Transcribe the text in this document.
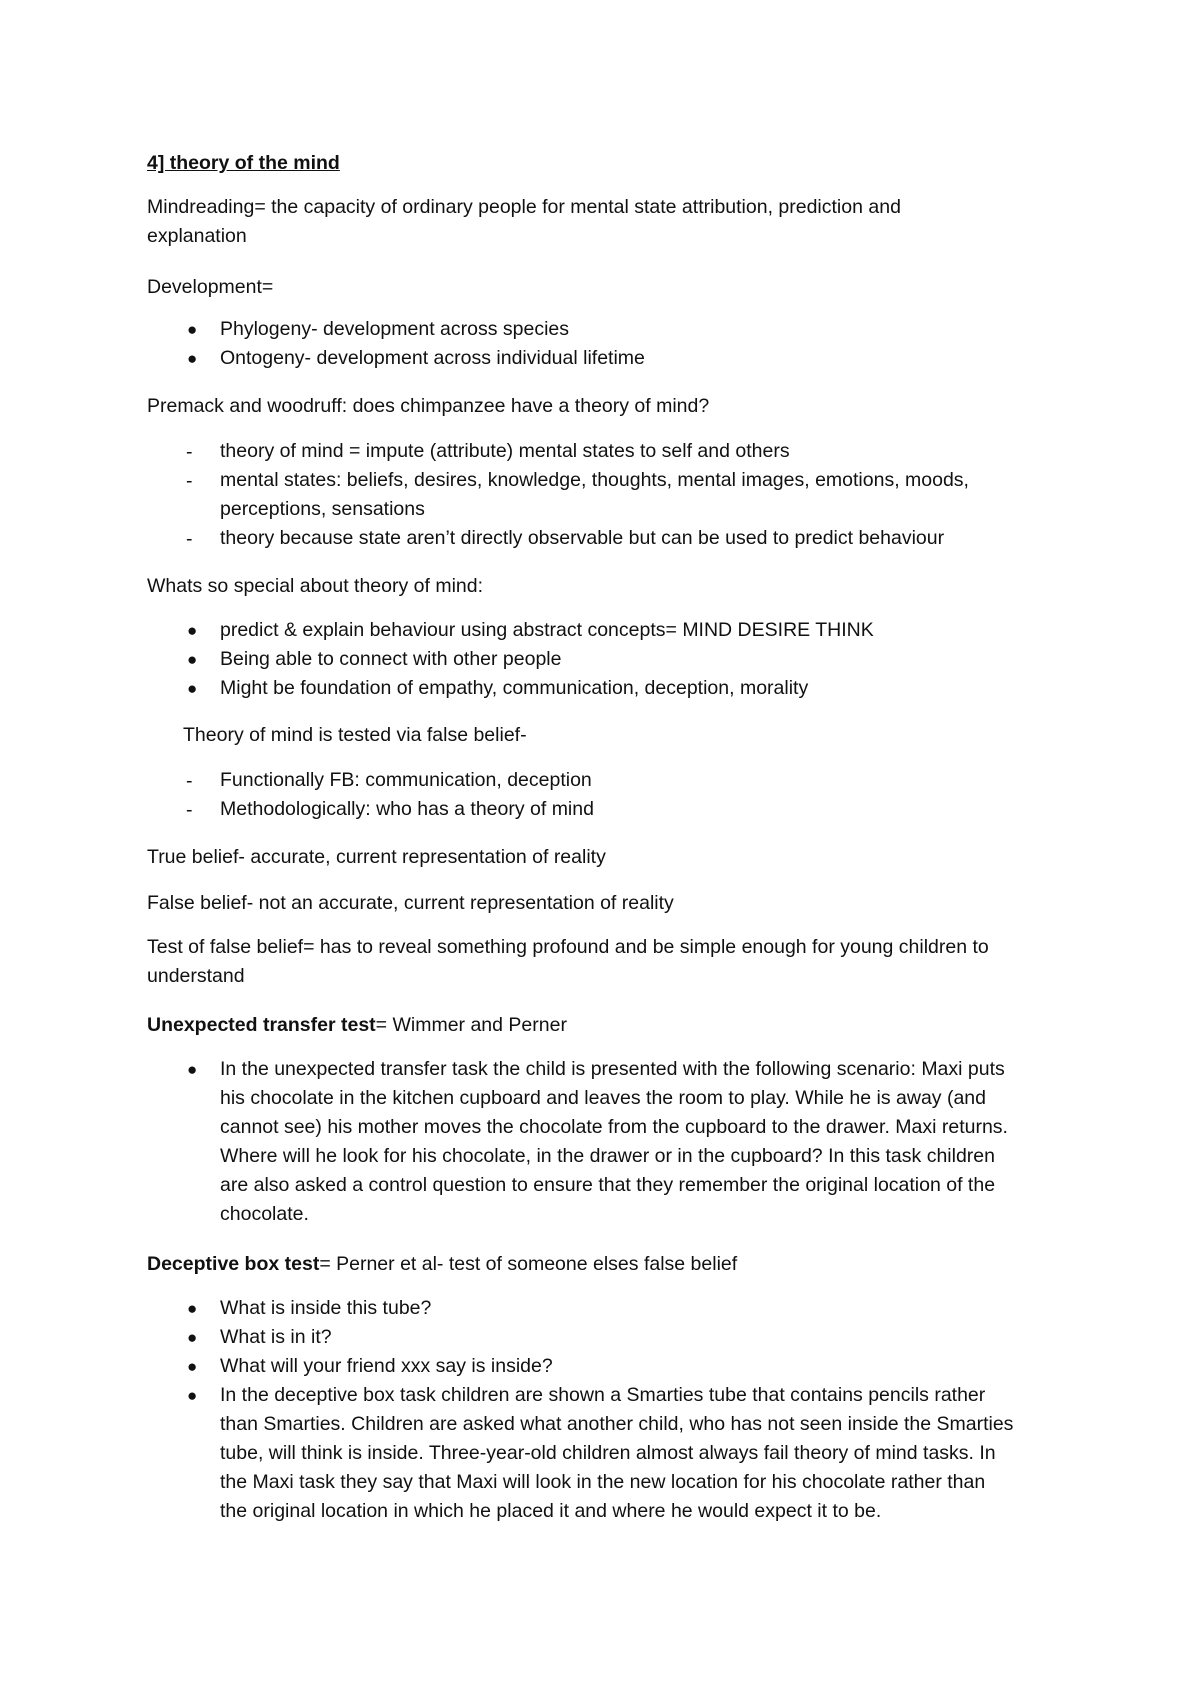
4] theory of the mind
Mindreading= the capacity of ordinary people for mental state attribution, prediction and
explanation
Development=
● Phylogeny- development across species
● Ontogeny- development across individual lifetime
Premack and woodruff: does chimpanzee have a theory of mind?
- theory of mind = impute (attribute) mental states to self and others
- mental states: beliefs, desires, knowledge, thoughts, mental images, emotions, moods,
perceptions, sensations
- theory because state aren’t directly observable but can be used to predict behaviour
Whats so special about theory of mind:
● predict & explain behaviour using abstract concepts= MIND DESIRE THINK
● Being able to connect with other people
● Might be foundation of empathy, communication, deception, morality
Theory of mind is tested via false belief-
- Functionally FB: communication, deception
- Methodologically: who has a theory of mind
True belief- accurate, current representation of reality
False belief- not an accurate, current representation of reality
Test of false belief= has to reveal something profound and be simple enough for young children to
understand
Unexpected transfer test= Wimmer and Perner
● In the unexpected transfer task the child is presented with the following scenario: Maxi puts
his chocolate in the kitchen cupboard and leaves the room to play. While he is away (and
cannot see) his mother moves the chocolate from the cupboard to the drawer. Maxi returns.
Where will he look for his chocolate, in the drawer or in the cupboard? In this task children
are also asked a control question to ensure that they remember the original location of the
chocolate.
Deceptive box test= Perner et al- test of someone elses false belief
● What is inside this tube?
● What is in it?
● What will your friend xxx say is inside?
● In the deceptive box task children are shown a Smarties tube that contains pencils rather
than Smarties. Children are asked what another child, who has not seen inside the Smarties
tube, will think is inside. Three-year-old children almost always fail theory of mind tasks. In
the Maxi task they say that Maxi will look in the new location for his chocolate rather than
the original location in which he placed it and where he would expect it to be.
